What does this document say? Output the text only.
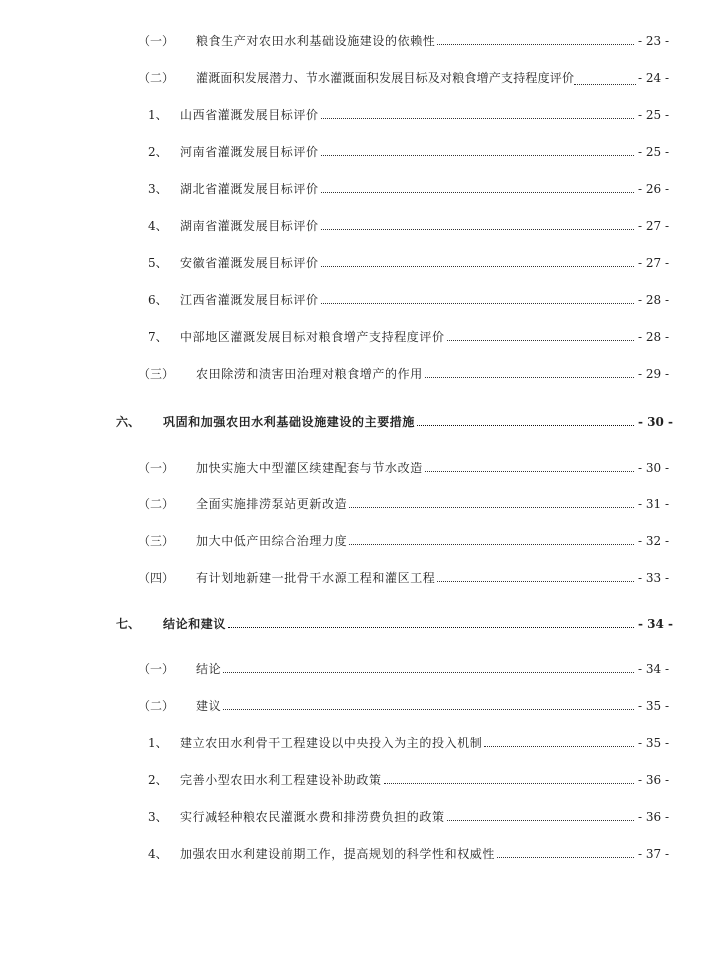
（一） 粮食生产对农田水利基础设施建设的依赖性	- 23 -
（二） 灌溉面积发展潜力、节水灌溉面积发展目标及对粮食增产支持程度评价	- 24 -
1、 山西省灌溉发展目标评价	- 25 -
2、 河南省灌溉发展目标评价	- 25 -
3、 湖北省灌溉发展目标评价	- 26 -
4、 湖南省灌溉发展目标评价	- 27 -
5、 安徽省灌溉发展目标评价	- 27 -
6、 江西省灌溉发展目标评价	- 28 -
7、 中部地区灌溉发展目标对粮食增产支持程度评价	- 28 -
（三） 农田除涝和渍害田治理对粮食增产的作用	- 29 -
六、 巩固和加强农田水利基础设施建设的主要措施	- 30 -
（一） 加快实施大中型灌区续建配套与节水改造	- 30 -
（二） 全面实施排涝泵站更新改造	- 31 -
（三） 加大中低产田综合治理力度	- 32 -
（四） 有计划地新建一批骨干水源工程和灌区工程	- 33 -
七、 结论和建议	- 34 -
（一） 结论	- 34 -
（二） 建议	- 35 -
1、 建立农田水利骨干工程建设以中央投入为主的投入机制	- 35 -
2、 完善小型农田水利工程建设补助政策	- 36 -
3、 实行减轻种粮农民灌溉水费和排涝费负担的政策	- 36 -
4、 加强农田水利建设前期工作，提高规划的科学性和权威性	- 37 -
